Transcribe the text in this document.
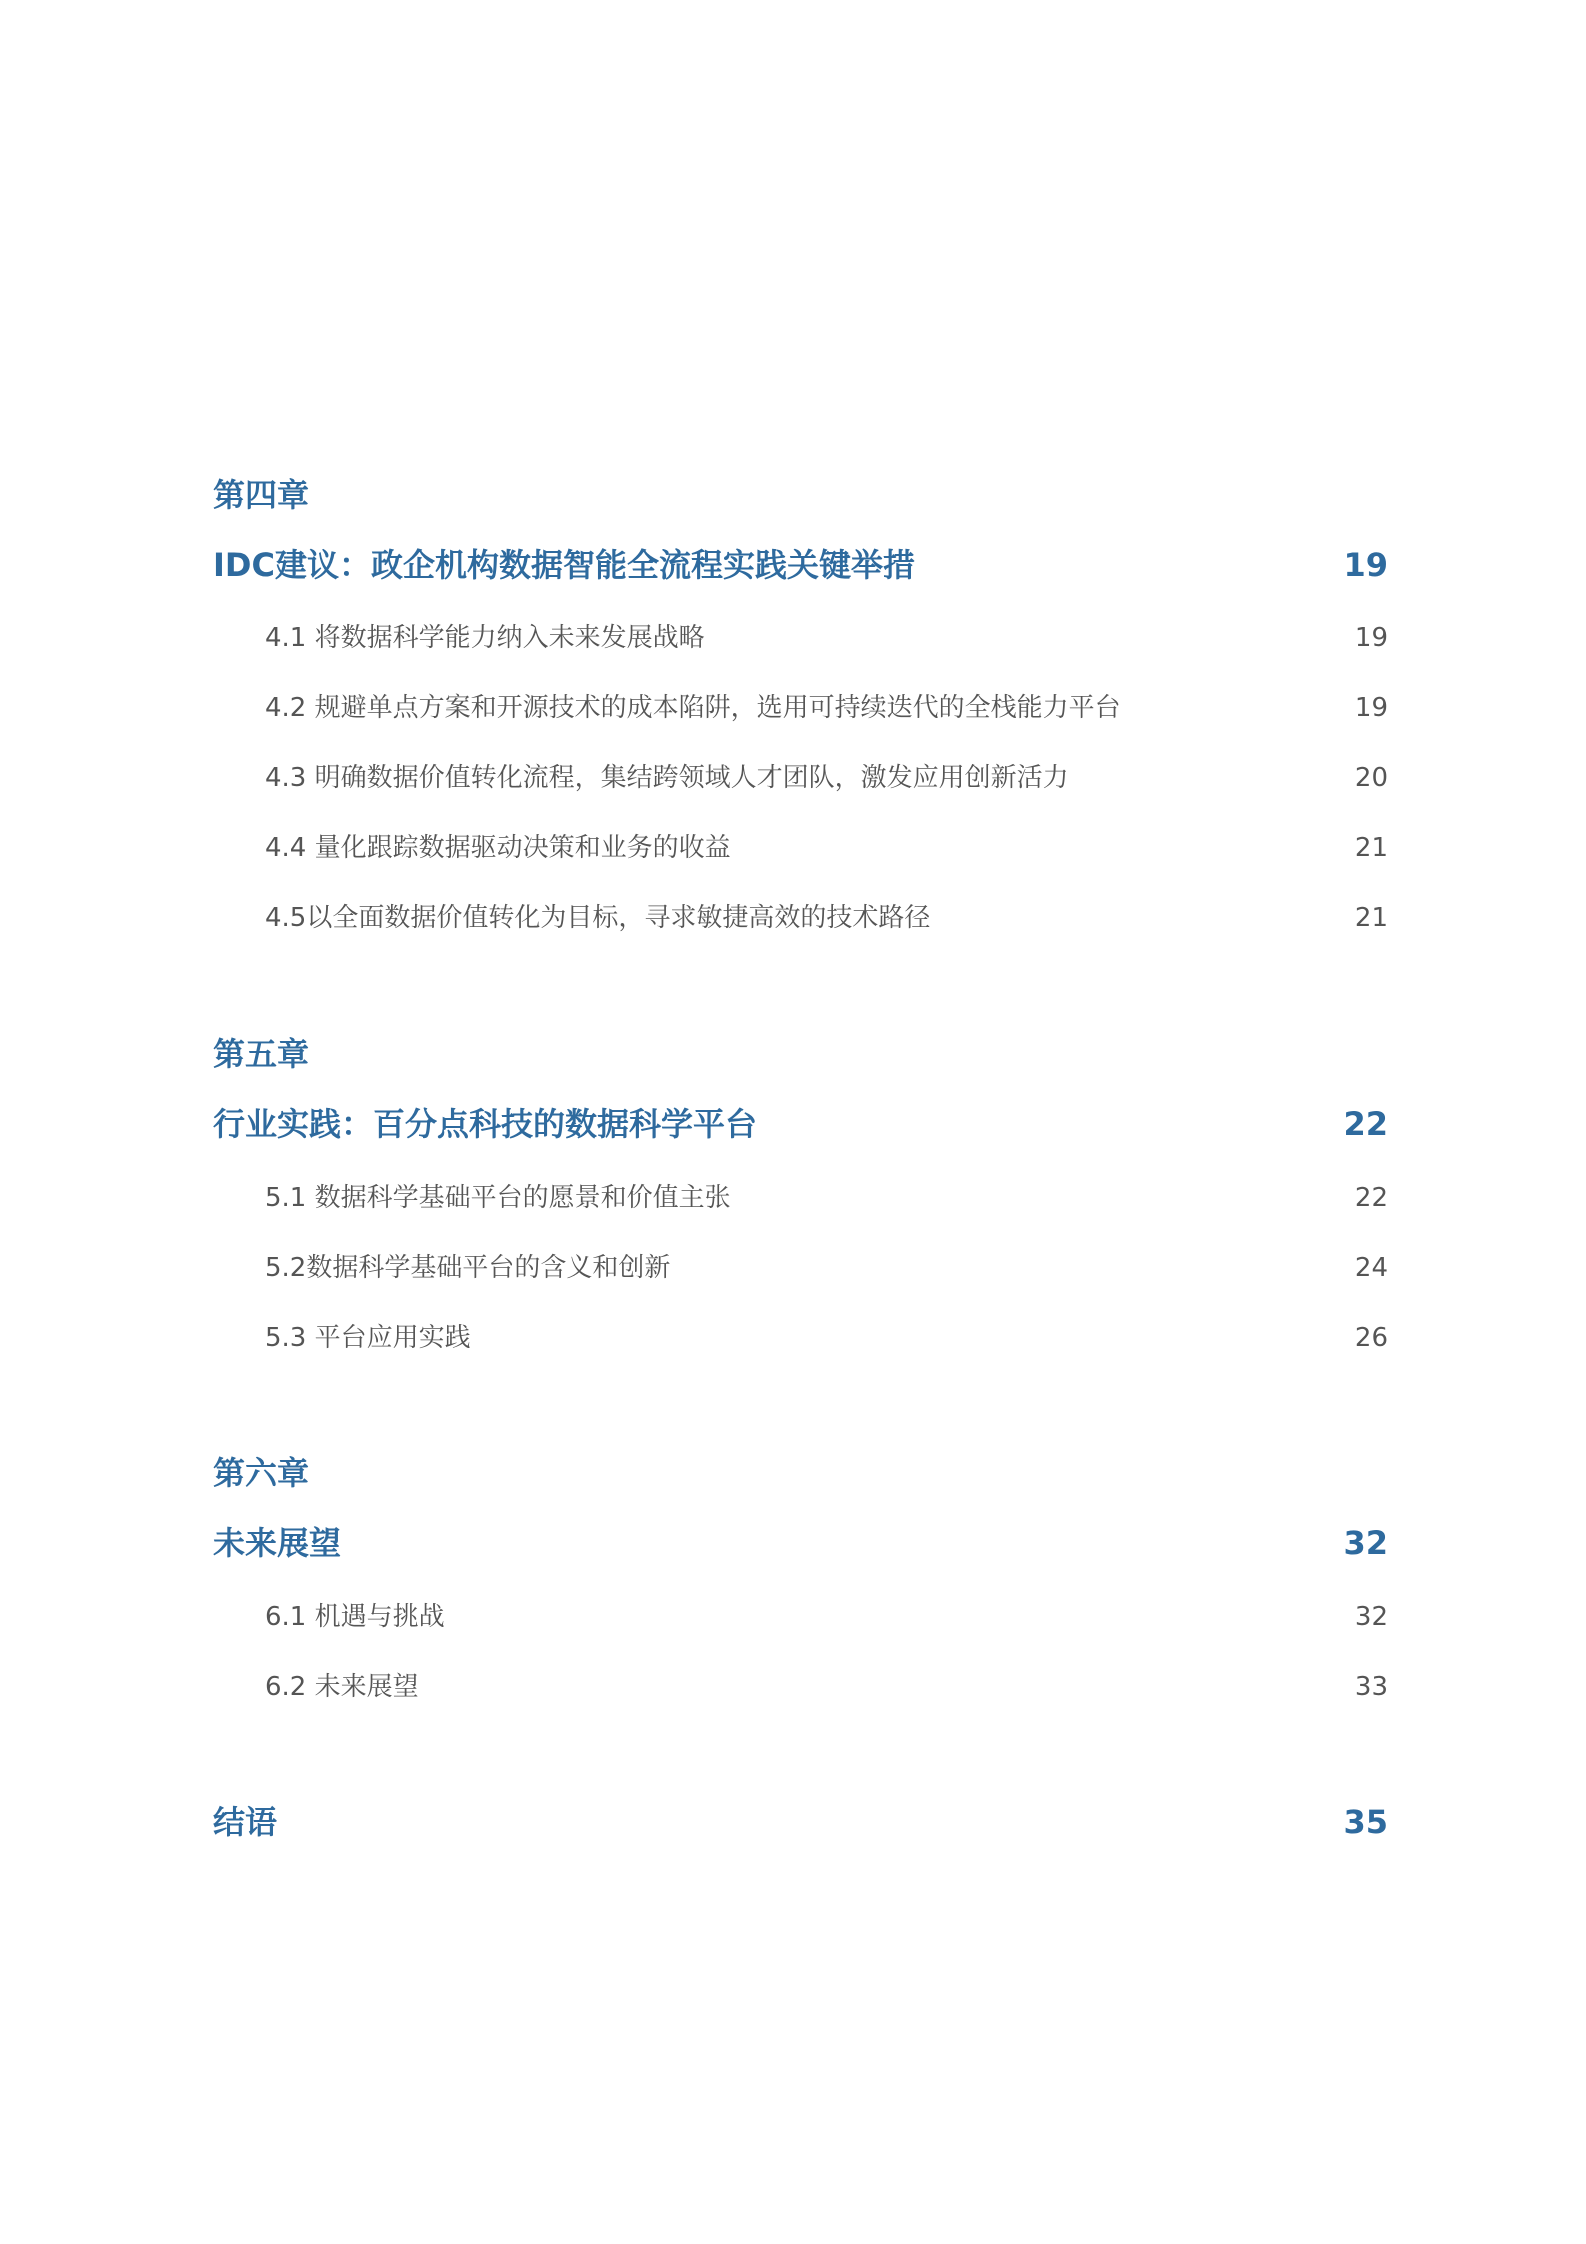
第四章
IDC建议：政企机构数据智能全流程实践关键举措	19
4.1 将数据科学能力纳入未来发展战略	19
4.2 规避单点方案和开源技术的成本陷阱，选用可持续迭代的全栈能力平台	19
4.3 明确数据价值转化流程，集结跨领域人才团队，激发应用创新活力	20
4.4 量化跟踪数据驱动决策和业务的收益	21
4.5以全面数据价值转化为目标，寻求敏捷高效的技术路径	21
第五章
行业实践：百分点科技的数据科学平台	22
5.1 数据科学基础平台的愿景和价值主张	22
5.2数据科学基础平台的含义和创新	24
5.3 平台应用实践	26
第六章
未来展望	32
6.1 机遇与挑战	32
6.2 未来展望	33
结语	35
